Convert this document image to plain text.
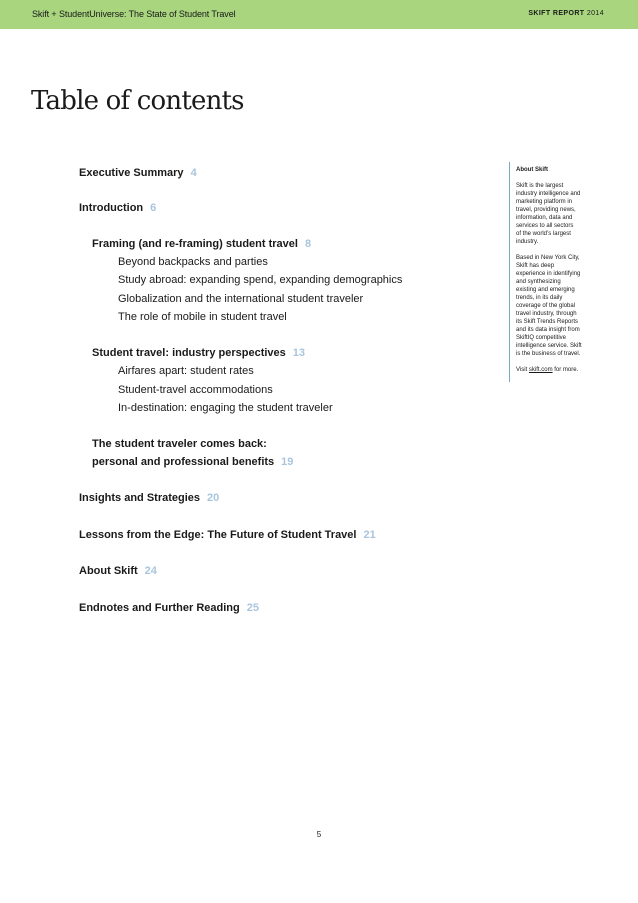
Skift + StudentUniverse: The State of Student Travel	SKIFT REPORT 2014
Table of contents
Executive Summary 4
Introduction 6
Framing (and re-framing) student travel 8
Beyond backpacks and parties
Study abroad: expanding spend, expanding demographics
Globalization and the international student traveler
The role of mobile in student travel
Student travel: industry perspectives 13
Airfares apart: student rates
Student-travel accommodations
In-destination: engaging the student traveler
The student traveler comes back:
personal and professional benefits 19
Insights and Strategies 20
Lessons from the Edge: The Future of Student Travel 21
About Skift 24
Endnotes and Further Reading 25
About Skift

Skift is the largest
industry intelligence and
marketing platform in
travel, providing news,
information, data and
services to all sectors
of the world’s largest
industry.

Based in New York City,
Skift has deep
experience in identifying
and synthesizing
existing and emerging
trends, in its daily
coverage of the global
travel industry, through
its Skift Trends Reports
and its data insight from
SkiftIQ competitive
intelligence service. Skift
is the business of travel.

Visit skift.com for more.

5
